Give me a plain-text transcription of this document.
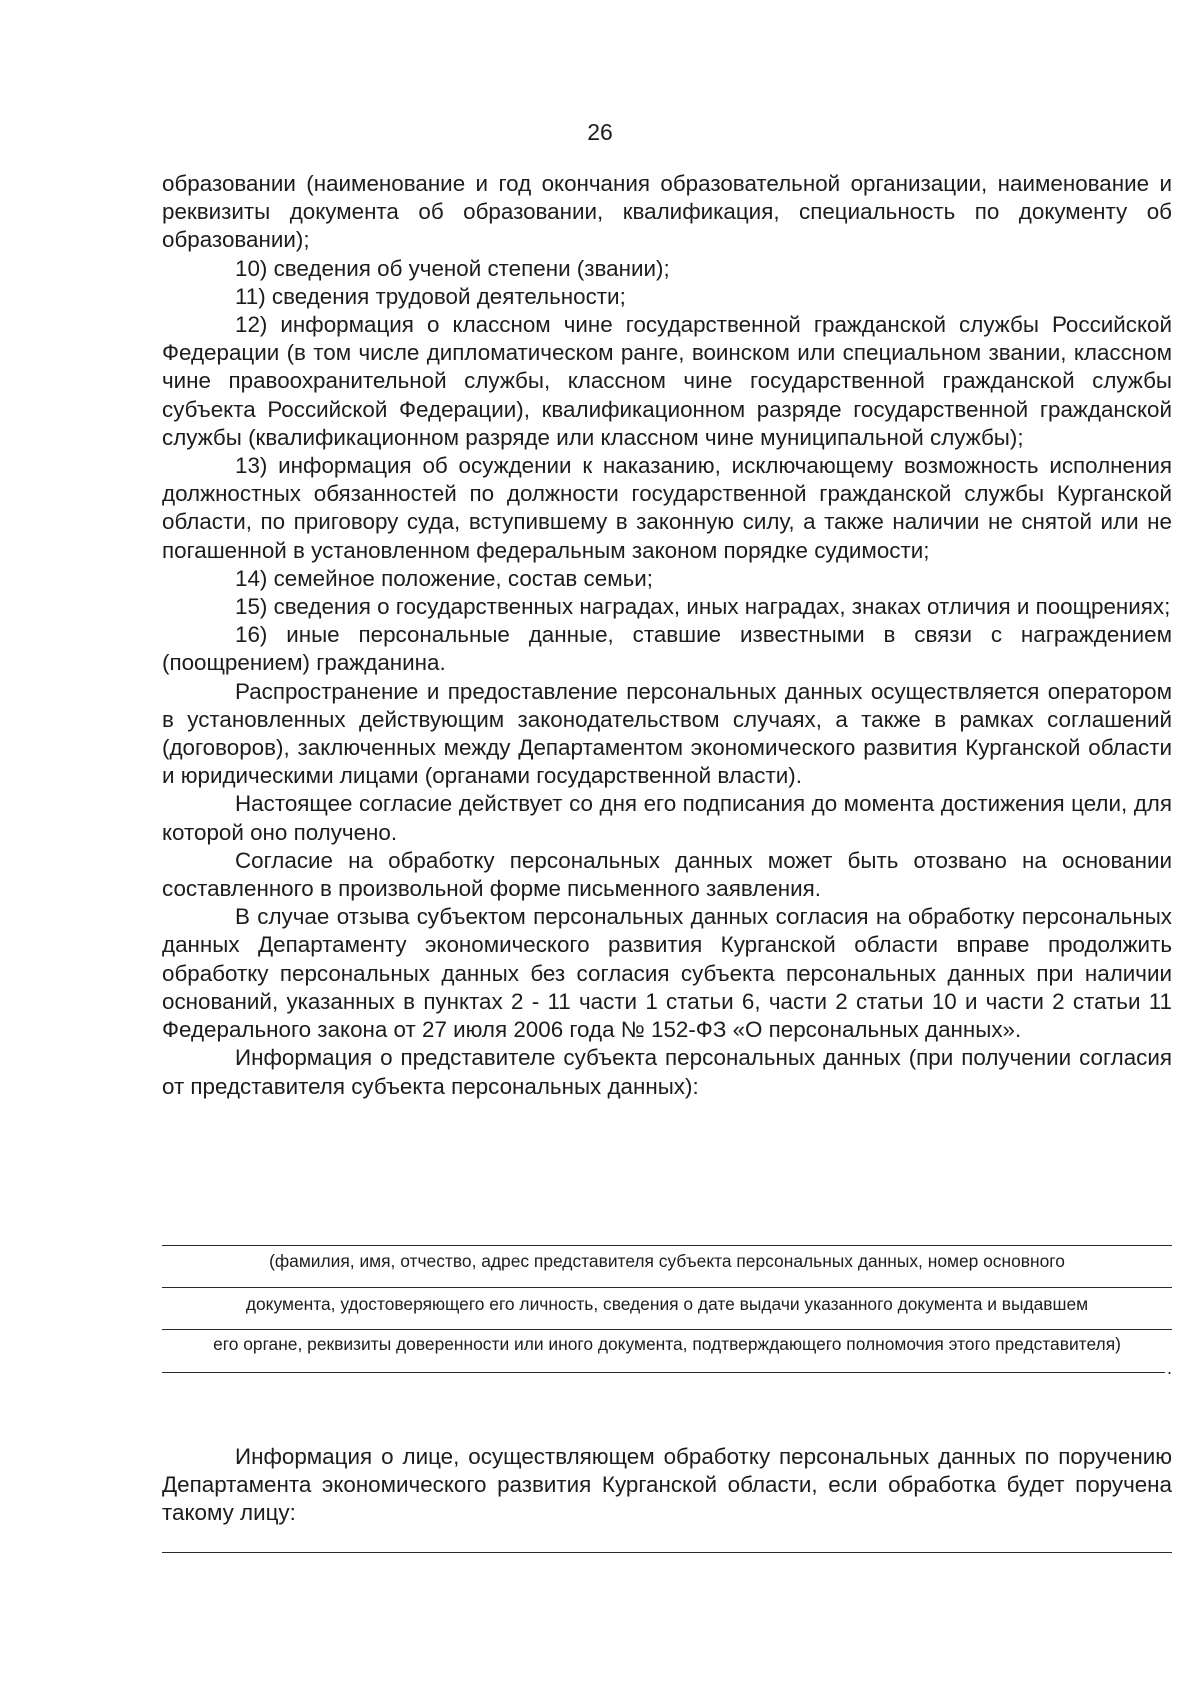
26

образовании (наименование и год окончания образовательной организации, наименование и реквизиты документа об образовании, квалификация, специальность по документу об образовании);

10) сведения об ученой степени (звании);

11) сведения трудовой деятельности;

12) информация о классном чине государственной гражданской службы Российской Федерации (в том числе дипломатическом ранге, воинском или специальном звании, классном чине правоохранительной службы, классном чине государственной гражданской службы субъекта Российской Федерации), квалификационном разряде государственной гражданской службы (квалификационном разряде или классном чине муниципальной службы);

13) информация об осуждении к наказанию, исключающему возможность исполнения должностных обязанностей по должности государственной гражданской службы Курганской области, по приговору суда, вступившему в законную силу, а также наличии не снятой или не погашенной в установленном федеральным законом порядке судимости;

14) семейное положение, состав семьи;

15) сведения о государственных наградах, иных наградах, знаках отличия и поощрениях;

16) иные персональные данные, ставшие известными в связи с награждением (поощрением) гражданина.

Распространение и предоставление персональных данных осуществляется оператором в установленных действующим законодательством случаях, а также в рамках соглашений (договоров), заключенных между Департаментом экономического развития Курганской области и юридическими лицами (органами государственной власти).

Настоящее согласие действует со дня его подписания до момента достижения цели, для которой оно получено.

Согласие на обработку персональных данных может быть отозвано на основании составленного в произвольной форме письменного заявления.

В случае отзыва субъектом персональных данных согласия на обработку персональных данных Департаменту экономического развития Курганской области вправе продолжить обработку персональных данных без согласия субъекта персональных данных при наличии оснований, указанных в пунктах 2 - 11 части 1 статьи 6, части 2 статьи 10 и части 2 статьи 11 Федерального закона от 27 июля 2006 года № 152-ФЗ «О персональных данных».

Информация о представителе субъекта персональных данных (при получении согласия от представителя субъекта персональных данных):

(фамилия, имя, отчество, адрес представителя субъекта персональных данных, номер основного
документа, удостоверяющего его личность, сведения о дате выдачи указанного документа и выдавшем
его органе, реквизиты доверенности или иного документа, подтверждающего полномочия этого представителя)
.

Информация о лице, осуществляющем обработку персональных данных по поручению Департамента экономического развития Курганской области, если обработка будет поручена такому лицу:
